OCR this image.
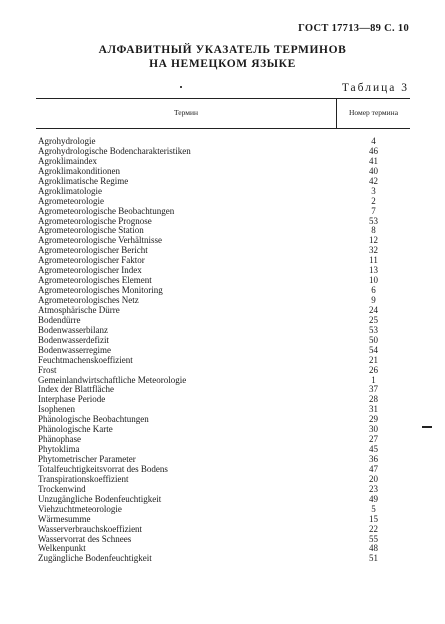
ГОСТ 17713—89 С. 10
АЛФАВИТНЫЙ УКАЗАТЕЛЬ ТЕРМИНОВ
НА НЕМЕЦКОМ ЯЗЫКЕ
Таблица 3
Термин	Номер термина
Agrohydrologie	4
Agrohydrologische Bodencharakteristiken	46
Agroklimaindex	41
Agroklimakonditionen	40
Agroklimatische Regime	42
Agroklimatologie	3
Agrometeorologie	2
Agrometeorologische Beobachtungen	7
Agrometeorologische Prognose	53
Agrometeorologische Station	8
Agrometeorologische Verhältnisse	12
Agrometeorologischer Bericht	32
Agrometeorologischer Faktor	11
Agrometeorologischer Index	13
Agrometeorologisches Element	10
Agrometeorologisches Monitoring	6
Agrometeorologisches Netz	9
Atmosphärische Dürre	24
Bodendürre	25
Bodenwasserbilanz	53
Bodenwasserdefizit	50
Bodenwasserregime	54
Feuchtmachenskoeffizient	21
Frost	26
Gemeinlandwirtschaftliche Meteorologie	1
Index der Blattfläche	37
Interphase Periode	28
Isophenen	31
Phänologische Beobachtungen	29
Phänologische Karte	30
Phänophase	27
Phytoklima	45
Phytometrischer Parameter	36
Totalfeuchtigkeitsvorrat des Bodens	47
Transpirationskoeffizient	20
Trockenwind	23
Unzugängliche Bodenfeuchtigkeit	49
Viehzuchtmeteorologie	5
Wärmesumme	15
Wasserverbrauchskoeffizient	22
Wasservorrat des Schnees	55
Welkenpunkt	48
Zugängliche Bodenfeuchtigkeit	51
